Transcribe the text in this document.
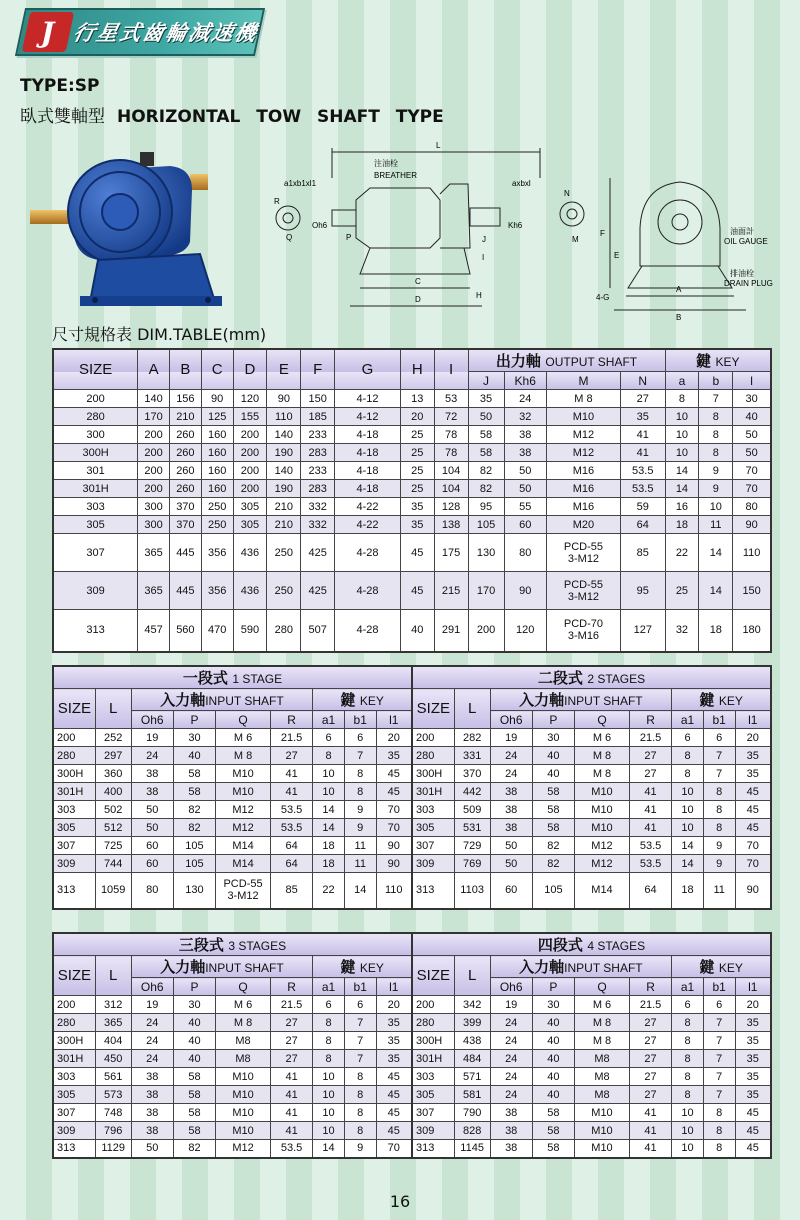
J 行星式齒輪減速機
TYPE:SP
臥式雙軸型 HORIZONTAL TOW SHAFT TYPE
L
注油栓
BREATHER
a1xb1xl1	axbxl
R
Q
Oh6
P	J
Kh6
N
M
I
C
D	H
F
E
4-G
A
B
油面計
OIL GAUGE
排油栓
DRAIN PLUG
尺寸規格表 DIM.TABLE(mm)
SIZE	A	B	C	D	E	F	G	H	I	出力軸 OUTPUT SHAFT				鍵 KEY		
										J	Kh6	M	N	a	b	l
200	140	156	90	120	90	150	4-12	13	53	35	24	M 8	27	8	7	30
280	170	210	125	155	110	185	4-12	20	72	50	32	M10	35	10	8	40
300	200	260	160	200	140	233	4-18	25	78	58	38	M12	41	10	8	50
300H	200	260	160	200	190	283	4-18	25	78	58	38	M12	41	10	8	50
301	200	260	160	200	140	233	4-18	25	104	82	50	M16	53.5	14	9	70
301H	200	260	160	200	190	283	4-18	25	104	82	50	M16	53.5	14	9	70
303	300	370	250	305	210	332	4-22	35	128	95	55	M16	59	16	10	80
305	300	370	250	305	210	332	4-22	35	138	105	60	M20	64	18	11	90
307	365	445	356	436	250	425	4-28	45	175	130	80	PCD-55
3-M12	85	22	14	110
309	365	445	356	436	250	425	4-28	45	215	170	90	PCD-55
3-M12	95	25	14	150
313	457	560	470	590	280	507	4-28	40	291	200	120	PCD-70
3-M16	127	32	18	180
一段式 1 STAGE									二段式 2 STAGES								
SIZE	L	入力軸INPUT SHAFT				鍵 KEY			SIZE	L	入力軸INPUT SHAFT				鍵 KEY		
		Oh6	P	Q	R	a1	b1	l1			Oh6	P	Q	R	a1	b1	l1
200	252	19	30	M 6	21.5	6	6	20	200	282	19	30	M 6	21.5	6	6	20
280	297	24	40	M 8	27	8	7	35	280	331	24	40	M 8	27	8	7	35
300H	360	38	58	M10	41	10	8	45	300H	370	24	40	M 8	27	8	7	35
301H	400	38	58	M10	41	10	8	45	301H	442	38	58	M10	41	10	8	45
303	502	50	82	M12	53.5	14	9	70	303	509	38	58	M10	41	10	8	45
305	512	50	82	M12	53.5	14	9	70	305	531	38	58	M10	41	10	8	45
307	725	60	105	M14	64	18	11	90	307	729	50	82	M12	53.5	14	9	70
309	744	60	105	M14	64	18	11	90	309	769	50	82	M12	53.5	14	9	70
313	1059	80	130	PCD-55
3-M12	85	22	14	110	313	1103	60	105	M14	64	18	11	90
三段式 3 STAGES									四段式 4 STAGES								
SIZE	L	入力軸INPUT SHAFT				鍵 KEY			SIZE	L	入力軸INPUT SHAFT				鍵 KEY		
		Oh6	P	Q	R	a1	b1	l1			Oh6	P	Q	R	a1	b1	l1
200	312	19	30	M 6	21.5	6	6	20	200	342	19	30	M 6	21.5	6	6	20
280	365	24	40	M 8	27	8	7	35	280	399	24	40	M 8	27	8	7	35
300H	404	24	40	M8	27	8	7	35	300H	438	24	40	M 8	27	8	7	35
301H	450	24	40	M8	27	8	7	35	301H	484	24	40	M8	27	8	7	35
303	561	38	58	M10	41	10	8	45	303	571	24	40	M8	27	8	7	35
305	573	38	58	M10	41	10	8	45	305	581	24	40	M8	27	8	7	35
307	748	38	58	M10	41	10	8	45	307	790	38	58	M10	41	10	8	45
309	796	38	58	M10	41	10	8	45	309	828	38	58	M10	41	10	8	45
313	1129	50	82	M12	53.5	14	9	70	313	1145	38	58	M10	41	10	8	45
16
